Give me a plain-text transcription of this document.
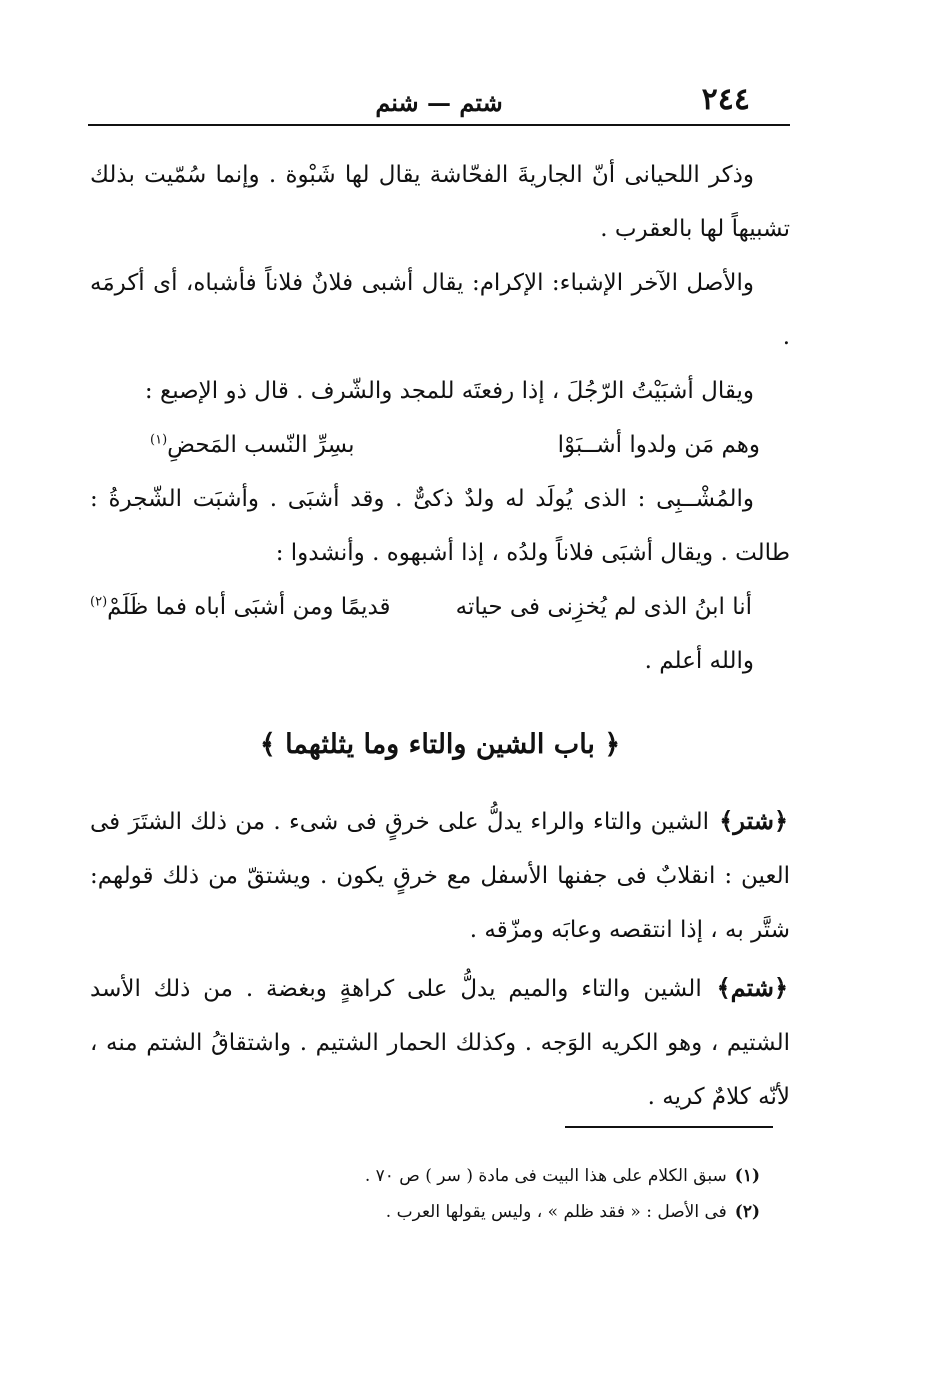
٢٤٤
شتم — شنم

وذكر اللحيانى أنّ الجاريةَ الفحّاشة يقال لها شَبْوة . وإنما سُمّيت بذلك تشبيهاً لها بالعقرب .

والأصل الآخر الإشباء: الإكرام: يقال أشبى فلانٌ فلاناً فأشباه، أى أكرمَه .

ويقال أشبَيْتُ الرّجُلَ ، إذا رفعتَه للمجد والشّرف . قال ذو الإصبع :

وهم مَن ولدوا أشــبَوْا
بسِرِّ النّسب المَحضِ$^{(١)}$

والمُشْــبِى : الذى يُولَد له ولدٌ ذكىٌّ . وقد أشبَى . وأشبَت الشّجرةُ : طالت . ويقال أشبَى فلاناً ولدُه ، إذا أشبهوه . وأنشدوا :

أنا ابنُ الذى لم يُخزِنى فى حياته
قديمًا ومن أشبَى أباه فما ظَلَمْ$^{(٢)}$

والله أعلم .

﴿ باب الشين والتاء وما يثلثهما ﴾

﴿شتر﴾ الشين والتاء والراء يدلُّ على خرقٍ فى شىء . من ذلك الشتَرَ فى العين : انقلابٌ فى جفنها الأسفل مع خرقٍ يكون . ويشتقّ من ذلك قولهم: شتَّر به ، إذا انتقصه وعابَه ومزّقه .

﴿شتم﴾ الشين والتاء والميم يدلُّ على كراهةٍ وبغضة . من ذلك الأسد الشتيم ، وهو الكريه الوَجه . وكذلك الحمار الشتيم . واشتقاقُ الشتم منه ، لأنّه كلامٌ كريه .

(١)سبق الكلام على هذا البيت فى مادة ( سر ) ص ٧٠ .

(٢)فى الأصل : « فقد ظلم » ، وليس يقولها العرب .
